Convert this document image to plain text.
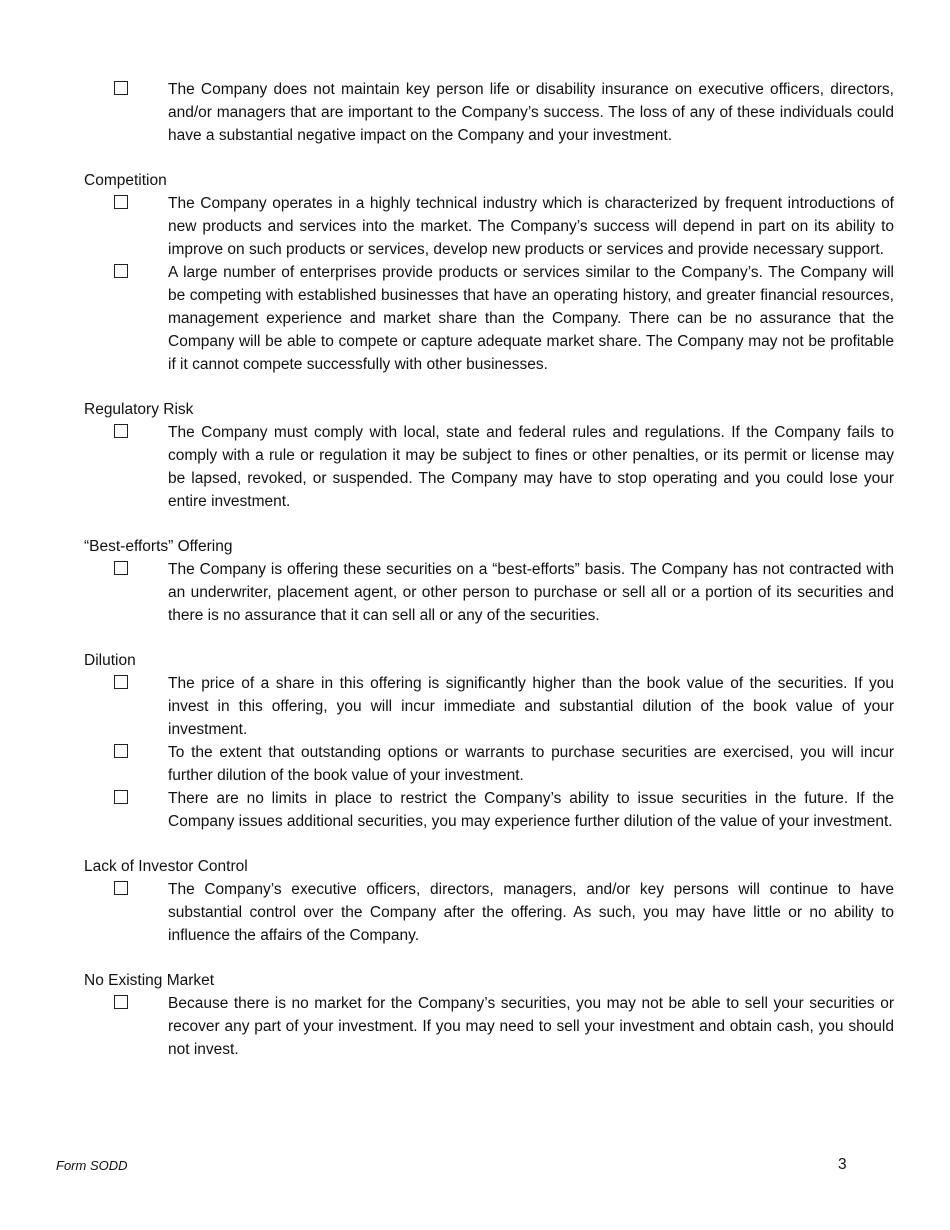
The Company does not maintain key person life or disability insurance on executive officers, directors, and/or managers that are important to the Company’s success. The loss of any of these individuals could have a substantial negative impact on the Company and your investment.
Competition
The Company operates in a highly technical industry which is characterized by frequent introductions of new products and services into the market. The Company’s success will depend in part on its ability to improve on such products or services, develop new products or services and provide necessary support.
A large number of enterprises provide products or services similar to the Company’s. The Company will be competing with established businesses that have an operating history, and greater financial resources, management experience and market share than the Company. There can be no assurance that the Company will be able to compete or capture adequate market share. The Company may not be profitable if it cannot compete successfully with other businesses.
Regulatory Risk
The Company must comply with local, state and federal rules and regulations. If the Company fails to comply with a rule or regulation it may be subject to fines or other penalties, or its permit or license may be lapsed, revoked, or suspended. The Company may have to stop operating and you could lose your entire investment.
“Best-efforts” Offering
The Company is offering these securities on a “best-efforts” basis. The Company has not contracted with an underwriter, placement agent, or other person to purchase or sell all or a portion of its securities and there is no assurance that it can sell all or any of the securities.
Dilution
The price of a share in this offering is significantly higher than the book value of the securities. If you invest in this offering, you will incur immediate and substantial dilution of the book value of your investment.
To the extent that outstanding options or warrants to purchase securities are exercised, you will incur further dilution of the book value of your investment.
There are no limits in place to restrict the Company’s ability to issue securities in the future. If the Company issues additional securities, you may experience further dilution of the value of your investment.
Lack of Investor Control
The Company’s executive officers, directors, managers, and/or key persons will continue to have substantial control over the Company after the offering. As such, you may have little or no ability to influence the affairs of the Company.
No Existing Market
Because there is no market for the Company’s securities, you may not be able to sell your securities or recover any part of your investment. If you may need to sell your investment and obtain cash, you should not invest.
Form SODD	3
